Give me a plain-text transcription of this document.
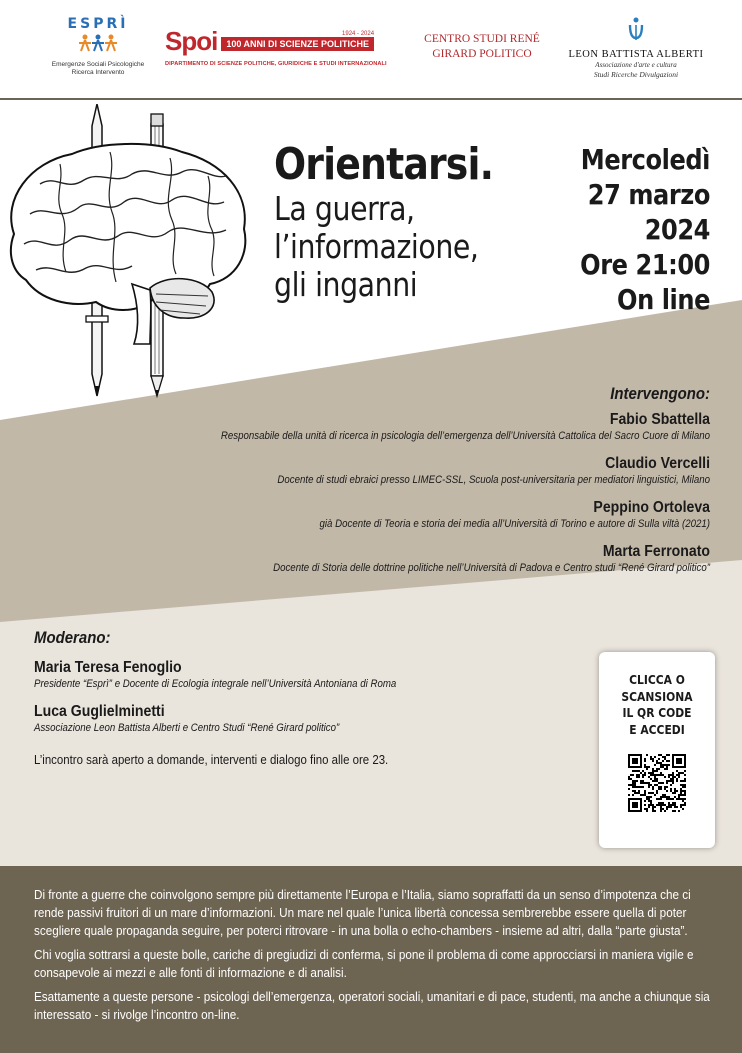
ESPRÌ
Emergenze Sociali Psicologiche
Ricerca Intervento
Spoi	1924 - 2024
100 ANNI DI SCIENZE POLITICHE
DIPARTIMENTO DI SCIENZE POLITICHE, GIURIDICHE E STUDI INTERNAZIONALI
CENTRO STUDI RENÉ
GIRARD POLITICO	LEON BATTISTA ALBERTI
Associazione d'arte e cultura
Studi Ricerche Divulgazioni
Orientarsi.
La guerra,
l’informazione,
gli inganni
Mercoledì
27 marzo 2024
Ore 21:00
On line
Intervengono:
Fabio Sbattella
Responsabile della unità di ricerca in psicologia dell’emergenza dell’Università Cattolica del Sacro Cuore di Milano
Claudio Vercelli
Docente di studi ebraici presso LIMEC-SSL, Scuola post-universitaria per mediatori linguistici, Milano
Peppino Ortoleva
già Docente di Teoria e storia dei media all’Università di Torino e autore di Sulla viltà (2021)
Marta Ferronato
Docente di Storia delle dottrine politiche nell’Università di Padova e Centro studi “René Girard politico”
Moderano:
Maria Teresa Fenoglio
Presidente “Esprì” e Docente di Ecologia integrale nell’Università Antoniana di Roma
Luca Guglielminetti
Associazione Leon Battista Alberti e Centro Studi “René Girard politico”
L’incontro sarà aperto a domande, interventi e dialogo fino alle ore 23.
CLICCA O
SCANSIONA
IL QR CODE
E ACCEDI

Di fronte a guerre che coinvolgono sempre più direttamente l’Europa e l’Italia, siamo sopraffatti da un senso d’impotenza che ci rende passivi fruitori di un mare d’informazioni. Un mare nel quale l’unica libertà concessa sembrerebbe essere quella di poter scegliere quale propaganda seguire, per poterci ritrovare - in una bolla o echo-chambers - insieme ad altri, dalla “parte giusta”.

Chi voglia sottrarsi a queste bolle, cariche di pregiudizi di conferma, si pone il problema di come approcciarsi in maniera vigile e consapevole ai mezzi e alle fonti di informazione e di analisi.

Esattamente a queste persone - psicologi dell’emergenza, operatori sociali, umanitari e di pace, studenti, ma anche a chiunque sia interessato - si rivolge l’incontro on-line.
